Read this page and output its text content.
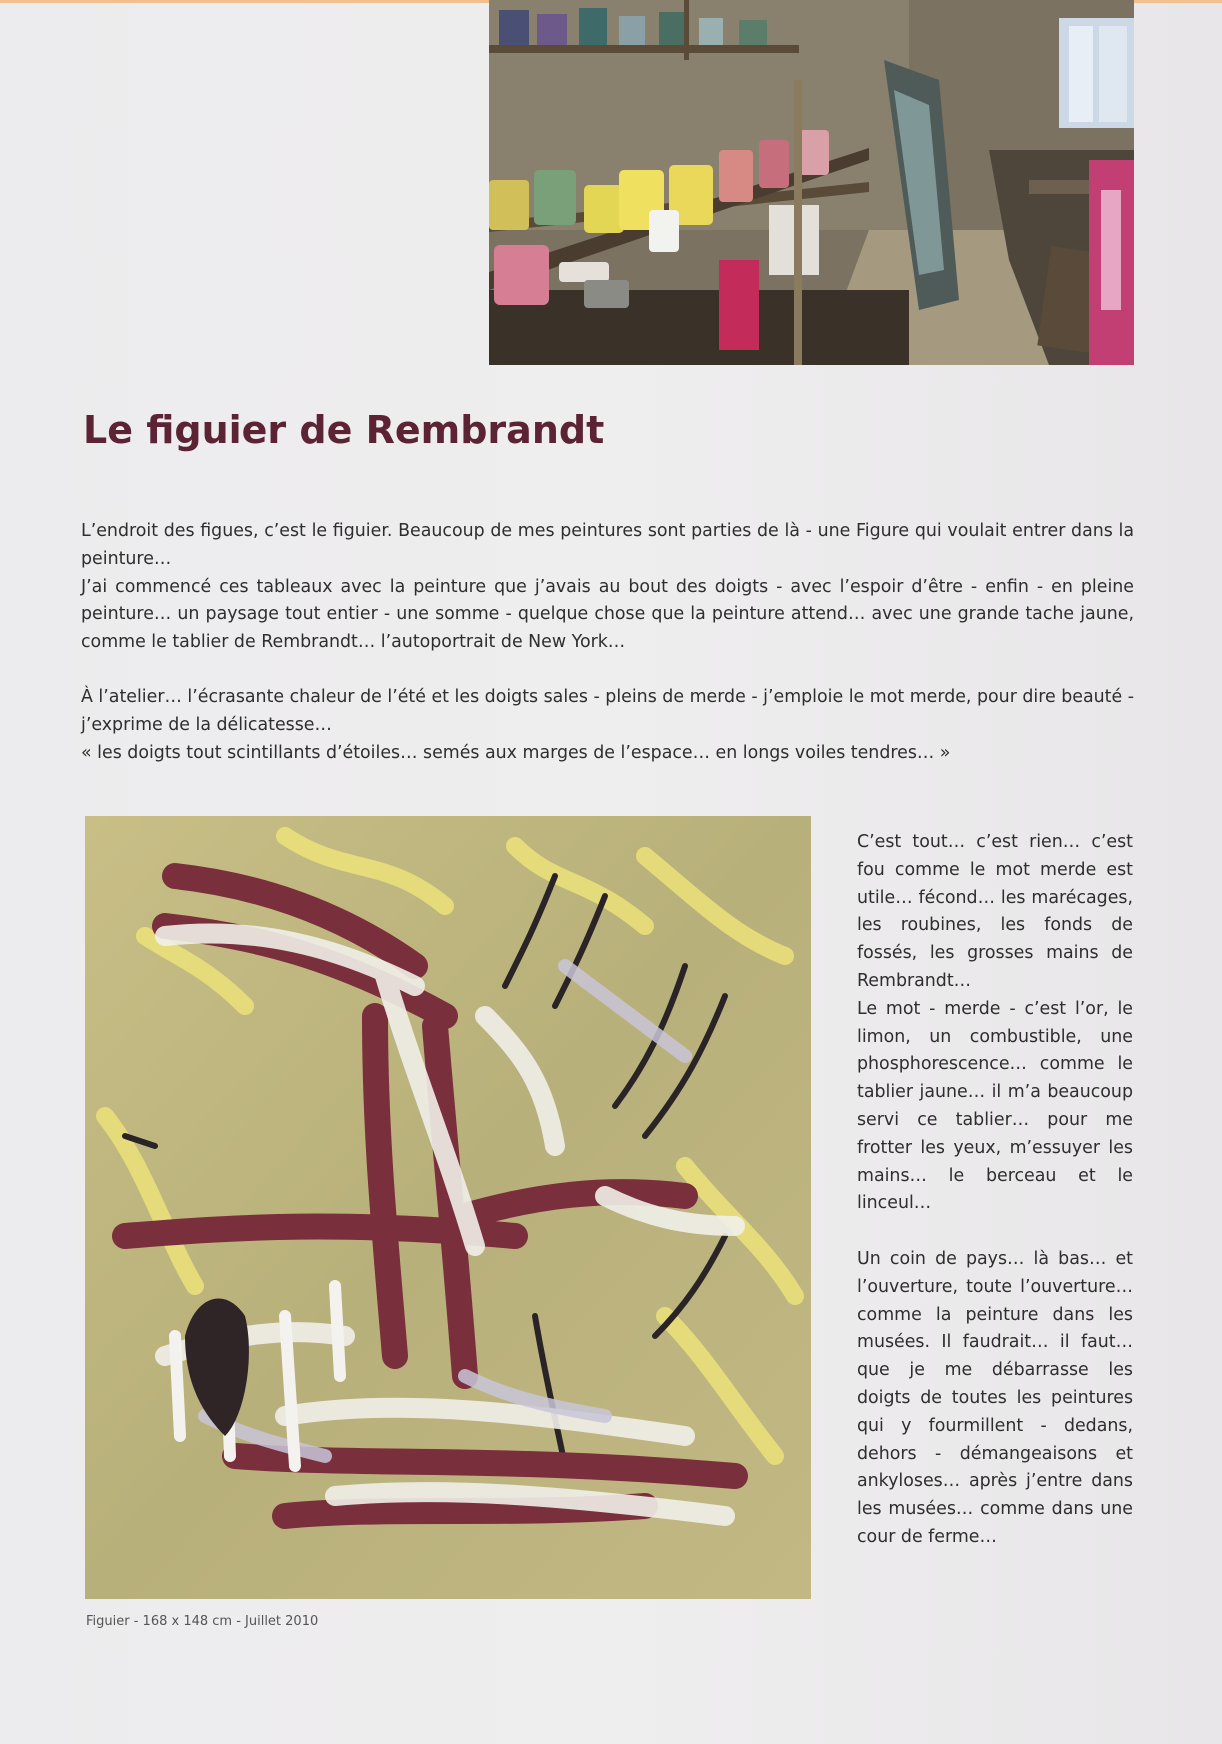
Le figuier de Rembrandt

L’endroit des figues, c’est le figuier. Beaucoup de mes peintures sont parties de là - une Figure qui voulait entrer dans la peinture…

J’ai commencé ces tableaux avec la peinture que j’avais au bout des doigts - avec l’espoir d’être - enfin - en pleine peinture… un paysage tout entier - une somme - quelque chose que la peinture attend… avec une grande tache jaune, comme le tablier de Rembrandt… l’autoportrait de New York…

À l’atelier… l’écrasante chaleur de l’été et les doigts sales - pleins de merde - j’emploie le mot merde, pour dire beauté - j’exprime de la délicatesse…

« les doigts tout scintillants d’étoiles… semés aux marges de l’espace… en longs voiles tendres… »

Figuier - 168 x 148 cm - Juillet 2010

C’est tout… c’est rien… c’est fou comme le mot merde est utile… fécond… les marécages, les roubines, les fonds de fossés, les grosses mains de Rembrandt…

Le mot - merde - c’est l’or, le limon, un combustible, une phosphorescence… comme le tablier jaune… il m’a beaucoup servi ce tablier… pour me frotter les yeux, m’essuyer les mains… le berceau et le linceul…

Un coin de pays… là bas… et l’ouverture, toute l’ouverture… comme la peinture dans les musées. Il faudrait… il faut… que je me débarrasse les doigts de toutes les peintures qui y fourmillent - dedans, dehors - démangeaisons et ankyloses… après j’entre dans les musées… comme dans une cour de ferme…
